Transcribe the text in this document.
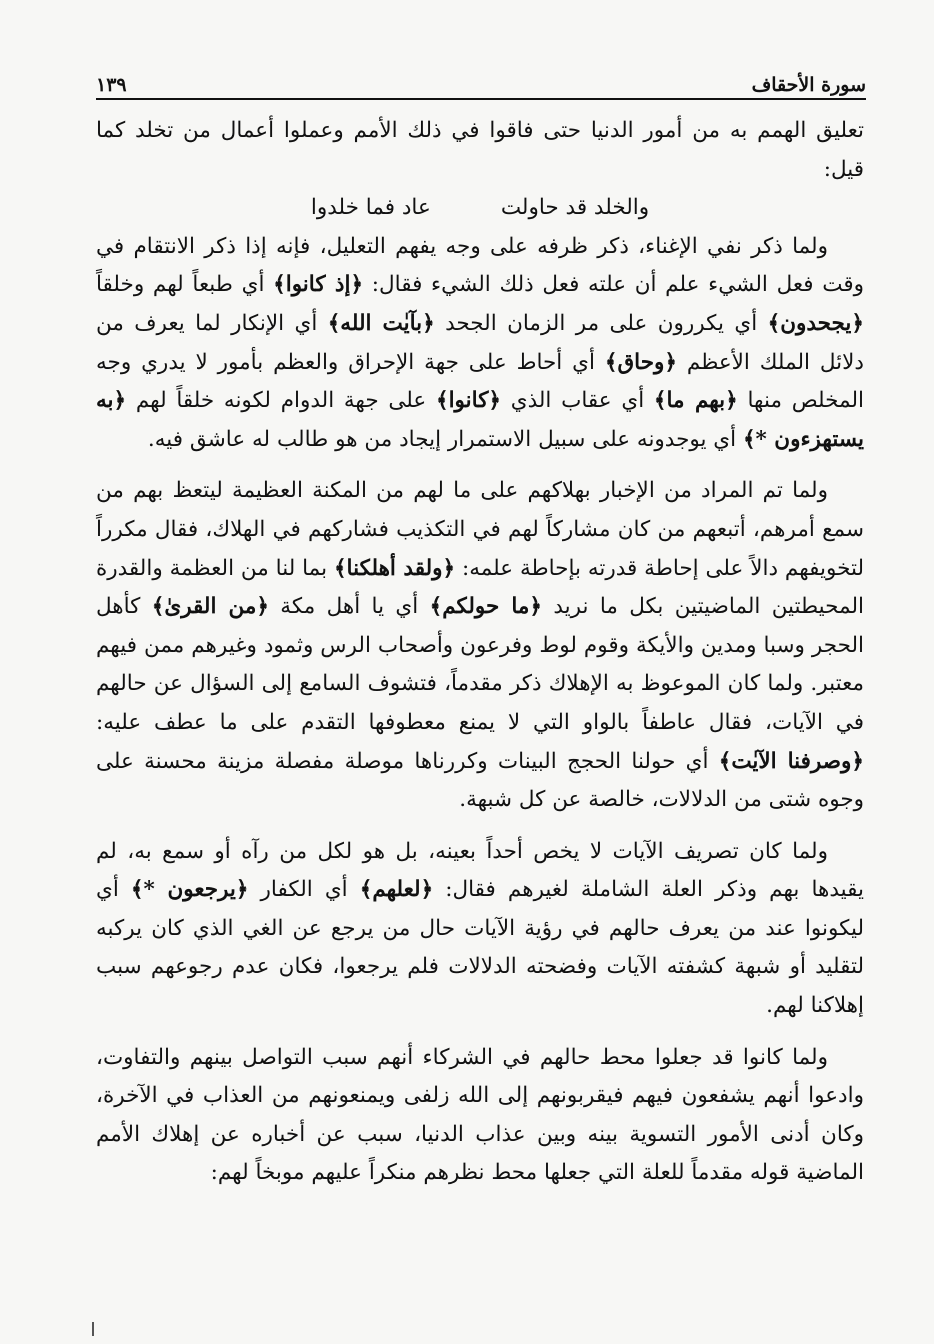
سورة الأحقاف
١٣٩

تعليق الهمم به من أمور الدنيا حتى فاقوا في ذلك الأمم وعملوا أعمال من تخلد كما قيل:

والخلد قد حاولت
عاد فما خلدوا

ولما ذكر نفي الإغناء، ذكر ظرفه على وجه يفهم التعليل، فإنه إذا ذكر الانتقام في وقت فعل الشيء علم أن علته فعل ذلك الشيء فقال: ﴿إذ كانوا﴾ أي طبعاً لهم وخلقاً ﴿يجحدون﴾ أي يكررون على مر الزمان الجحد ﴿بآيٰت الله﴾ أي الإنكار لما يعرف من دلائل الملك الأعظم ﴿وحاق﴾ أي أحاط على جهة الإحراق والعظم بأمور لا يدري وجه المخلص منها ﴿بهم ما﴾ أي عقاب الذي ﴿كانوا﴾ على جهة الدوام لكونه خلقاً لهم ﴿به يستهزءون *﴾ أي يوجدونه على سبيل الاستمرار إيجاد من هو طالب له عاشق فيه.

ولما تم المراد من الإخبار بهلاكهم على ما لهم من المكنة العظيمة ليتعظ بهم من سمع أمرهم، أتبعهم من كان مشاركاً لهم في التكذيب فشاركهم في الهلاك، فقال مكرراً لتخويفهم دالاً على إحاطة قدرته بإحاطة علمه: ﴿ولقد أهلكنا﴾ بما لنا من العظمة والقدرة المحيطتين الماضيتين بكل ما نريد ﴿ما حولكم﴾ أي يا أهل مكة ﴿من القرىٰ﴾ كأهل الحجر وسبا ومدين والأيكة وقوم لوط وفرعون وأصحاب الرس وثمود وغيرهم ممن فيهم معتبر. ولما كان الموعوظ به الإهلاك ذكر مقدماً، فتشوف السامع إلى السؤال عن حالهم في الآيات، فقال عاطفاً بالواو التي لا يمنع معطوفها التقدم على ما عطف عليه: ﴿وصرفنا الآيٰت﴾ أي حولنا الحجج البينات وكررناها موصلة مفصلة مزينة محسنة على وجوه شتى من الدلالات، خالصة عن كل شبهة.

ولما كان تصريف الآيات لا يخص أحداً بعينه، بل هو لكل من رآه أو سمع به، لم يقيدها بهم وذكر العلة الشاملة لغيرهم فقال: ﴿لعلهم﴾ أي الكفار ﴿يرجعون *﴾ أي ليكونوا عند من يعرف حالهم في رؤية الآيات حال من يرجع عن الغي الذي كان يركبه لتقليد أو شبهة كشفته الآيات وفضحته الدلالات فلم يرجعوا، فكان عدم رجوعهم سبب إهلاكنا لهم.

ولما كانوا قد جعلوا محط حالهم في الشركاء أنهم سبب التواصل بينهم والتفاوت، وادعوا أنهم يشفعون فيهم فيقربونهم إلى الله زلفى ويمنعونهم من العذاب في الآخرة، وكان أدنى الأمور التسوية بينه وبين عذاب الدنيا، سبب عن أخباره عن إهلاك الأمم الماضية قوله مقدماً للعلة التي جعلها محط نظرهم منكراً عليهم موبخاً لهم:
